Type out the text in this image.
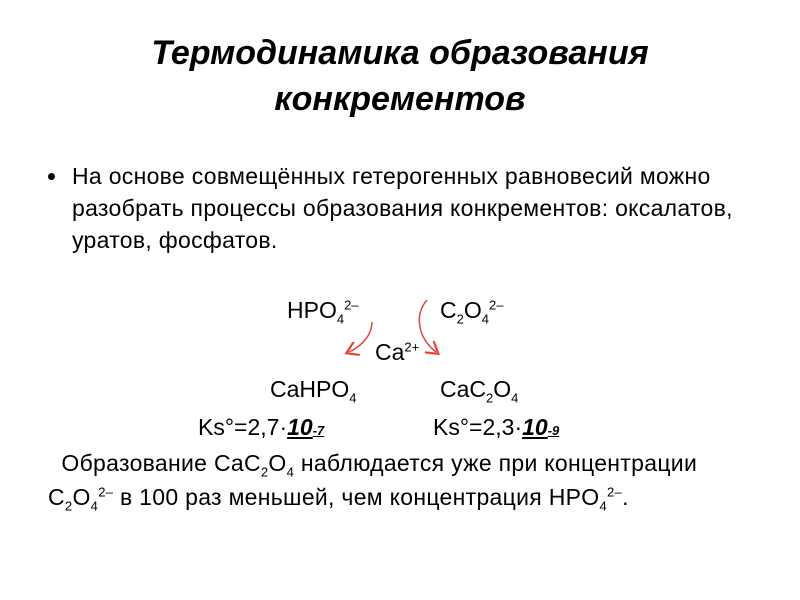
Термодинамика образования
конкрементов
На основе совмещённых гетерогенных равновесий можно разобрать процессы образования конкрементов: оксалатов, уратов, фосфатов.
$HPO_4^{2-}$	$C_2O_4^{2-}$
$Ca^{2+}$
CaHPO$_4$	$CaC_2O_4$
Ks°=2,7·10-7	Ks°=2,3·10-9
Образование $CaC_2O_4$ наблюдается уже при концентрации $C_2O_4^{2-}$ в 100 раз меньшей, чем концентрация $HPO_4^{2-}$.
